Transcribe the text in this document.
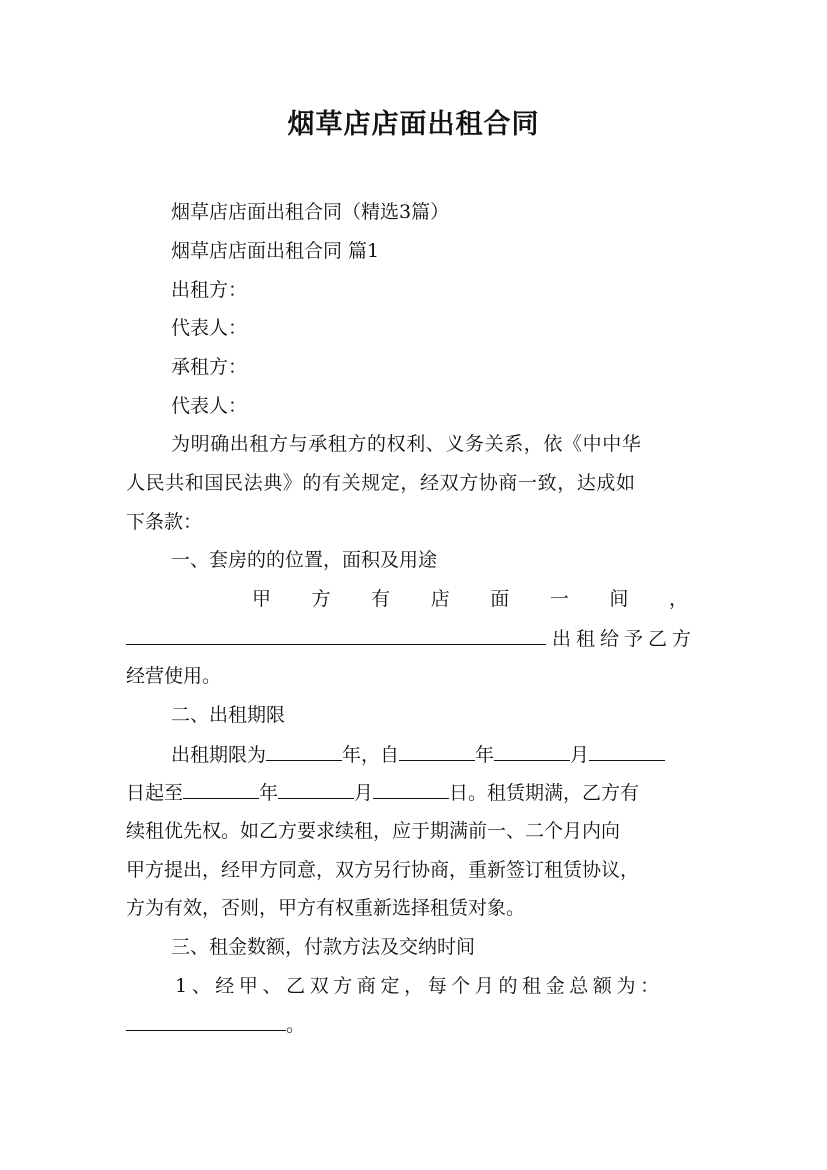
烟草店店面出租合同
烟草店店面出租合同（精选3篇）
烟草店店面出租合同 篇1
出租方：
代表人：
承租方：
代表人：
为明确出租方与承租方的权利、义务关系，依《中中华
人民共和国民法典》的有关规定，经双方协商一致，达成如
下条款：
一、套房的的位置，面积及用途
甲 方 有 店 面 一 间 ，
出租给予乙方
经营使用。
二、出租期限
出租期限为	年，自	年	月
日起至	年	月	日。租赁期满，乙方有
续租优先权。如乙方要求续租，应于期满前一、二个月内向
甲方提出，经甲方同意，双方另行协商，重新签订租赁协议，
方为有效，否则，甲方有权重新选择租赁对象。
三、租金数额，付款方法及交纳时间
1、经甲、乙双方商定，每个月的租金总额为：
。
